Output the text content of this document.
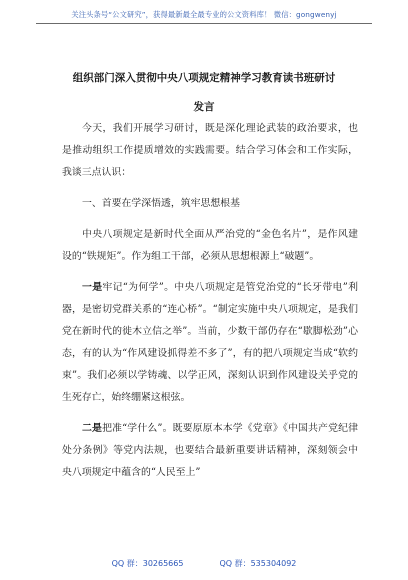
关注头条号“公文研究”，获得最新最全最专业的公文资料库！ 微信：gongwenyj
组织部门深入贯彻中央八项规定精神学习教育读书班研讨
发言

今天，我们开展学习研讨，既是深化理论武装的政治要求，也是推动组织工作提质增效的实践需要。结合学习体会和工作实际，我谈三点认识：

一、首要在学深悟透，筑牢思想根基

中央八项规定是新时代全面从严治党的“金色名片”，是作风建设的“铁规矩”。作为组工干部，必须从思想根源上“破题”。

一是牢记“为何学”。中央八项规定是管党治党的“长牙带电”利器，是密切党群关系的“连心桥”。“制定实施中央八项规定，是我们党在新时代的徙木立信之举”。当前，少数干部仍存在“歇脚松劲”心态，有的认为“作风建设抓得差不多了”，有的把八项规定当成“软约束”。我们必须以学铸魂、以学正风，深刻认识到作风建设关乎党的生死存亡，始终绷紧这根弦。

二是把准“学什么”。既要原原本本学《党章》《中国共产党纪律处分条例》等党内法规，也要结合最新重要讲话精神，深刻领会中央八项规定中蕴含的“人民至上”

QQ 群：30265665	QQ 群：535304092
